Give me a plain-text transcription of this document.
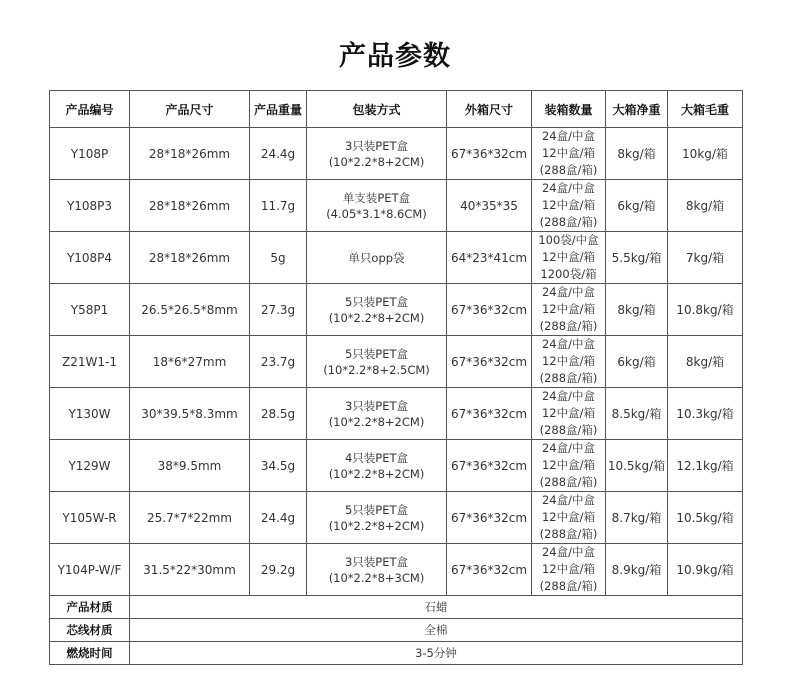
产品参数
产品编号	产品尺寸	产品重量	包装方式	外箱尺寸	装箱数量	大箱净重	大箱毛重
Y108P	28*18*26mm	24.4g	3只装PET盒
(10*2.2*8+2CM)	67*36*32cm	24盒/中盒
12中盒/箱
(288盒/箱)	8kg/箱	10kg/箱
Y108P3	28*18*26mm	11.7g	单支装PET盒
(4.05*3.1*8.6CM)	40*35*35	24盒/中盒
12中盒/箱
(288盒/箱)	6kg/箱	8kg/箱
Y108P4	28*18*26mm	5g	单只opp袋	64*23*41cm	100袋/中盒
12中盒/箱
1200袋/箱	5.5kg/箱	7kg/箱
Y58P1	26.5*26.5*8mm	27.3g	5只装PET盒
(10*2.2*8+2CM)	67*36*32cm	24盒/中盒
12中盒/箱
(288盒/箱)	8kg/箱	10.8kg/箱
Z21W1-1	18*6*27mm	23.7g	5只装PET盒
(10*2.2*8+2.5CM)	67*36*32cm	24盒/中盒
12中盒/箱
(288盒/箱)	6kg/箱	8kg/箱
Y130W	30*39.5*8.3mm	28.5g	3只装PET盒
(10*2.2*8+2CM)	67*36*32cm	24盒/中盒
12中盒/箱
(288盒/箱)	8.5kg/箱	10.3kg/箱
Y129W	38*9.5mm	34.5g	4只装PET盒
(10*2.2*8+2CM)	67*36*32cm	24盒/中盒
12中盒/箱
(288盒/箱)	10.5kg/箱	12.1kg/箱
Y105W-R	25.7*7*22mm	24.4g	5只装PET盒
(10*2.2*8+2CM)	67*36*32cm	24盒/中盒
12中盒/箱
(288盒/箱)	8.7kg/箱	10.5kg/箱
Y104P-W/F	31.5*22*30mm	29.2g	3只装PET盒
(10*2.2*8+3CM)	67*36*32cm	24盒/中盒
12中盒/箱
(288盒/箱)	8.9kg/箱	10.9kg/箱
产品材质	石蜡						
芯线材质	全棉						
燃烧时间	3-5分钟						
